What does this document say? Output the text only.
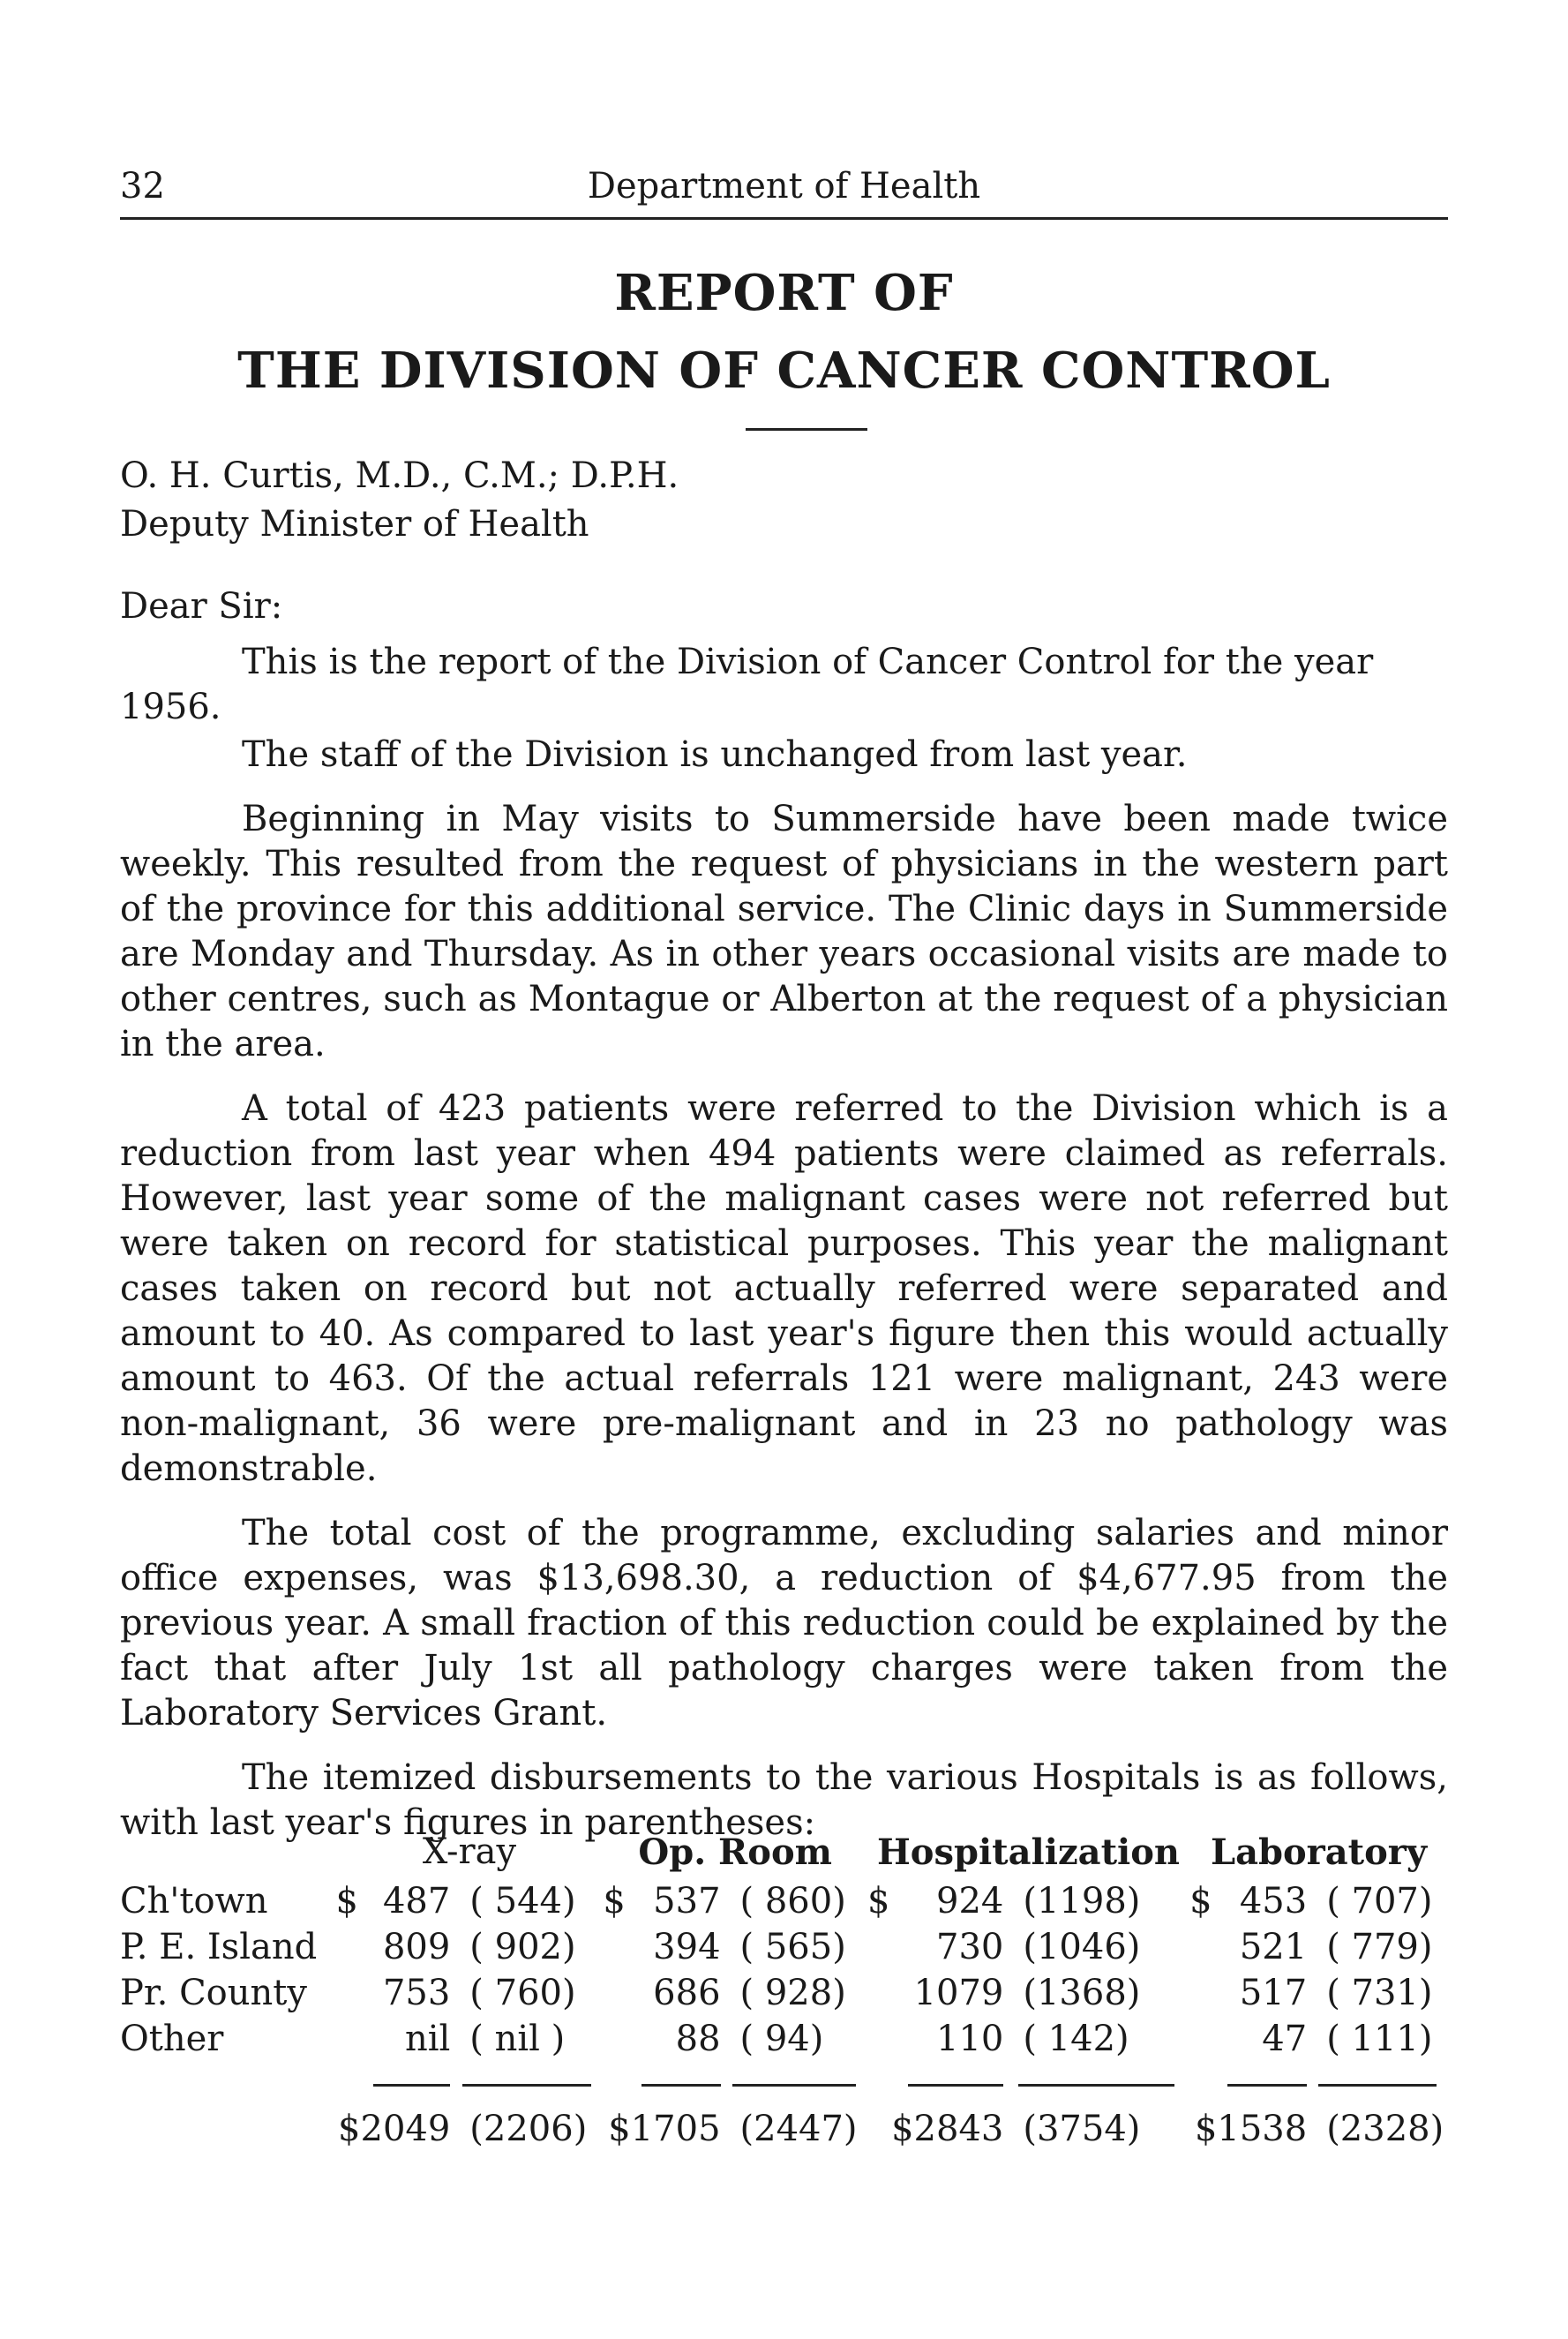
32	Department of Health
REPORT OF
THE DIVISION OF CANCER CONTROL
O. H. Curtis, M.D., C.M.; D.P.H.
Deputy Minister of Health
Dear Sir:

This is the report of the Division of Cancer Control for the year 1956.

The staff of the Division is unchanged from last year.

Beginning in May visits to Summerside have been made twice weekly. This resulted from the request of physicians in the western part of the province for this additional service. The Clinic days in Summerside are Monday and Thursday. As in other years occasional visits are made to other centres, such as Montague or Alberton at the request of a physician in the area.

A total of 423 patients were referred to the Division which is a reduction from last year when 494 patients were claimed as referrals. However, last year some of the malignant cases were not referred but were taken on record for statistical purposes. This year the malignant cases taken on record but not actually referred were separated and amount to 40. As compared to last year's figure then this would actually amount to 463. Of the actual referrals 121 were malignant, 243 were non-malignant, 36 were pre-malignant and in 23 no pathology was demonstrable.

The total cost of the programme, excluding salaries and minor office expenses, was $13,698.30, a reduction of $4,677.95 from the previous year. A small fraction of this reduction could be explained by the fact that after July 1st all pathology charges were taken from the Laboratory Services Grant.

The itemized disbursements to the various Hospitals is as follows, with last year's figures in parentheses:

	X-ray			Op. Room			Hospitalization			Laboratory		
Ch'town	$	487	( 544)	$	537	( 860)	$	924	(1198)	$	453	( 707)
P. E. Island		809	( 902)		394	( 565)		730	(1046)		521	( 779)
Pr. County		753	( 760)		686	( 928)		1079	(1368)		517	( 731)
Other		nil	( nil )		88	( 94)		110	( 142)		47	( 111)

	$2049		(2206)	$1705		(2447)	$2843		(3754)	$1538		(2328)
